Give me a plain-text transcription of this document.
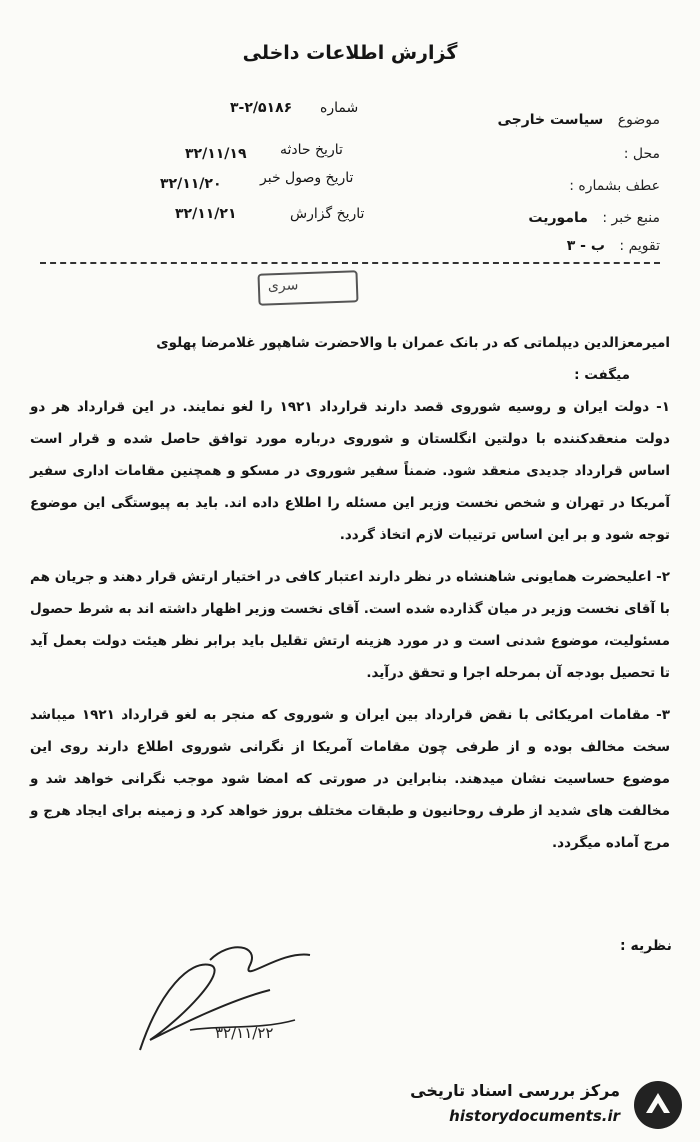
گزارش اطلاعات داخلی
موضوع سیاست خارجی
محل :
عطف بشماره :
منبع خبر : ماموریت
تقویم : ب - ۳
شماره
۳-۲/۵۱۸۶
تاریخ حادثه
۳۲/۱۱/۱۹
تاریخ وصول خبر
۳۲/۱۱/۲۰
تاریخ گزارش
۳۲/۱۱/۲۱
سری

امیرمعزالدین دیپلماتی که در بانک عمران با والاحضرت شاهپور غلامرضا پهلوی

میگفت :

۱- دولت ایران و روسیه شوروی قصد دارند قرارداد ۱۹۲۱ را لغو نمایند. در این قرارداد هر دو دولت منعقدکننده با دولتین انگلستان و شوروی درباره مورد توافق حاصل شده و قرار است اساس قرارداد جدیدی منعقد شود. ضمناً سفیر شوروی در مسکو و همچنین مقامات اداری سفیر آمریکا در تهران و شخص نخست وزیر این مسئله را اطلاع داده اند. باید به پیوستگی این موضوع توجه شود و بر این اساس ترتیبات لازم اتخاذ گردد.

۲- اعلیحضرت همایونی شاهنشاه در نظر دارند اعتبار کافی در اختیار ارتش قرار دهند و جریان هم با آقای نخست وزیر در میان گذارده شده است. آقای نخست وزیر اظهار داشته اند به شرط حصول مسئولیت، موضوع شدنی است و در مورد هزینه ارتش تقلیل باید برابر نظر هیئت دولت بعمل آید تا تحصیل بودجه آن بمرحله اجرا و تحقق درآید.

۳- مقامات امریکائی با نقض قرارداد بین ایران و شوروی که منجر به لغو قرارداد ۱۹۲۱ میباشد سخت مخالف بوده و از طرفی چون مقامات آمریکا از نگرانی شوروی اطلاع دارند روی این موضوع حساسیت نشان میدهند. بنابراین در صورتی که امضا شود موجب نگرانی خواهد شد و مخالفت های شدید از طرف روحانیون و طبقات مختلف بروز خواهد کرد و زمینه برای ایجاد هرج و مرج آماده میگردد.

نظریه :
۳۲/۱۱/۲۲
مرکز بررسی اسناد تاریخی
historydocuments.ir
